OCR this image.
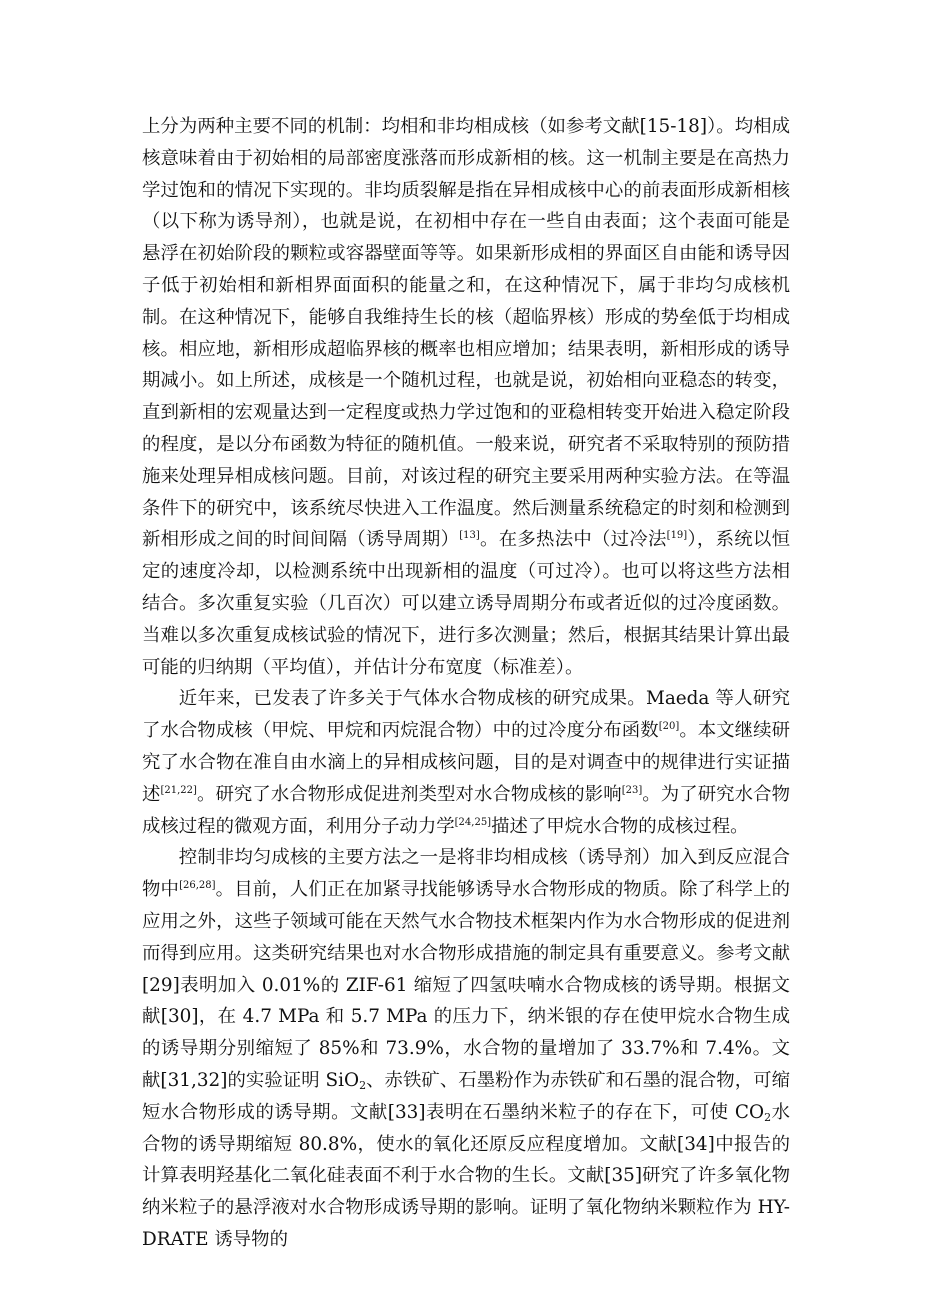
上分为两种主要不同的机制：均相和非均相成核（如参考文献[15-18]）。均相成核意味着由于初始相的局部密度涨落而形成新相的核。这一机制主要是在高热力学过饱和的情况下实现的。非均质裂解是指在异相成核中心的前表面形成新相核（以下称为诱导剂），也就是说，在初相中存在一些自由表面；这个表面可能是悬浮在初始阶段的颗粒或容器壁面等等。如果新形成相的界面区自由能和诱导因子低于初始相和新相界面面积的能量之和，在这种情况下，属于非均匀成核机制。在这种情况下，能够自我维持生长的核（超临界核）形成的势垒低于均相成核。相应地，新相形成超临界核的概率也相应增加；结果表明，新相形成的诱导期减小。如上所述，成核是一个随机过程，也就是说，初始相向亚稳态的转变，直到新相的宏观量达到一定程度或热力学过饱和的亚稳相转变开始进入稳定阶段的程度，是以分布函数为特征的随机值。一般来说，研究者不采取特别的预防措施来处理异相成核问题。目前，对该过程的研究主要采用两种实验方法。在等温条件下的研究中，该系统尽快进入工作温度。然后测量系统稳定的时刻和检测到新相形成之间的时间间隔（诱导周期）[13]。在多热法中（过冷法[19]），系统以恒定的速度冷却，以检测系统中出现新相的温度（可过冷）。也可以将这些方法相结合。多次重复实验（几百次）可以建立诱导周期分布或者近似的过冷度函数。当难以多次重复成核试验的情况下，进行多次测量；然后，根据其结果计算出最可能的归纳期（平均值），并估计分布宽度（标准差）。

近年来，已发表了许多关于气体水合物成核的研究成果。Maeda 等人研究了水合物成核（甲烷、甲烷和丙烷混合物）中的过冷度分布函数[20]。本文继续研究了水合物在准自由水滴上的异相成核问题，目的是对调查中的规律进行实证描述[21,22]。研究了水合物形成促进剂类型对水合物成核的影响[23]。为了研究水合物成核过程的微观方面，利用分子动力学[24,25]描述了甲烷水合物的成核过程。

控制非均匀成核的主要方法之一是将非均相成核（诱导剂）加入到反应混合物中[26,28]。目前，人们正在加紧寻找能够诱导水合物形成的物质。除了科学上的应用之外，这些子领域可能在天然气水合物技术框架内作为水合物形成的促进剂而得到应用。这类研究结果也对水合物形成措施的制定具有重要意义。参考文献[29]表明加入 0.01%的 ZIF-61 缩短了四氢呋喃水合物成核的诱导期。根据文献[30]，在 4.7 MPa 和 5.7 MPa 的压力下，纳米银的存在使甲烷水合物生成的诱导期分别缩短了 85%和 73.9%，水合物的量增加了 33.7%和 7.4%。文献[31,32]的实验证明 SiO$_2$、赤铁矿、石墨粉作为赤铁矿和石墨的混合物，可缩短水合物形成的诱导期。文献[33]表明在石墨纳米粒子的存在下，可使 $CO_2$水合物的诱导期缩短 80.8%，使水的氧化还原反应程度增加。文献[34]中报告的计算表明羟基化二氧化硅表面不利于水合物的生长。文献[35]研究了许多氧化物纳米粒子的悬浮液对水合物形成诱导期的影响。证明了氧化物纳米颗粒作为 HY-DRATE 诱导物的
